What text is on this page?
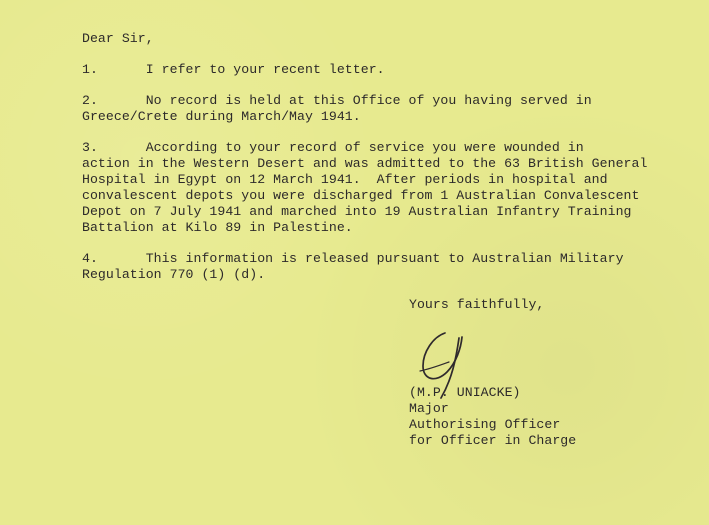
Dear Sir,
1.      I refer to your recent letter.
2.      No record is held at this Office of you having served in
Greece/Crete during March/May 1941.
3.      According to your record of service you were wounded in
action in the Western Desert and was admitted to the 63 British General
Hospital in Egypt on 12 March 1941.  After periods in hospital and
convalescent depots you were discharged from 1 Australian Convalescent
Depot on 7 July 1941 and marched into 19 Australian Infantry Training
Battalion at Kilo 89 in Palestine.
4.      This information is released pursuant to Australian Military
Regulation 770 (1) (d).
Yours faithfully,
(M.P. UNIACKE)
Major
Authorising Officer
for Officer in Charge
